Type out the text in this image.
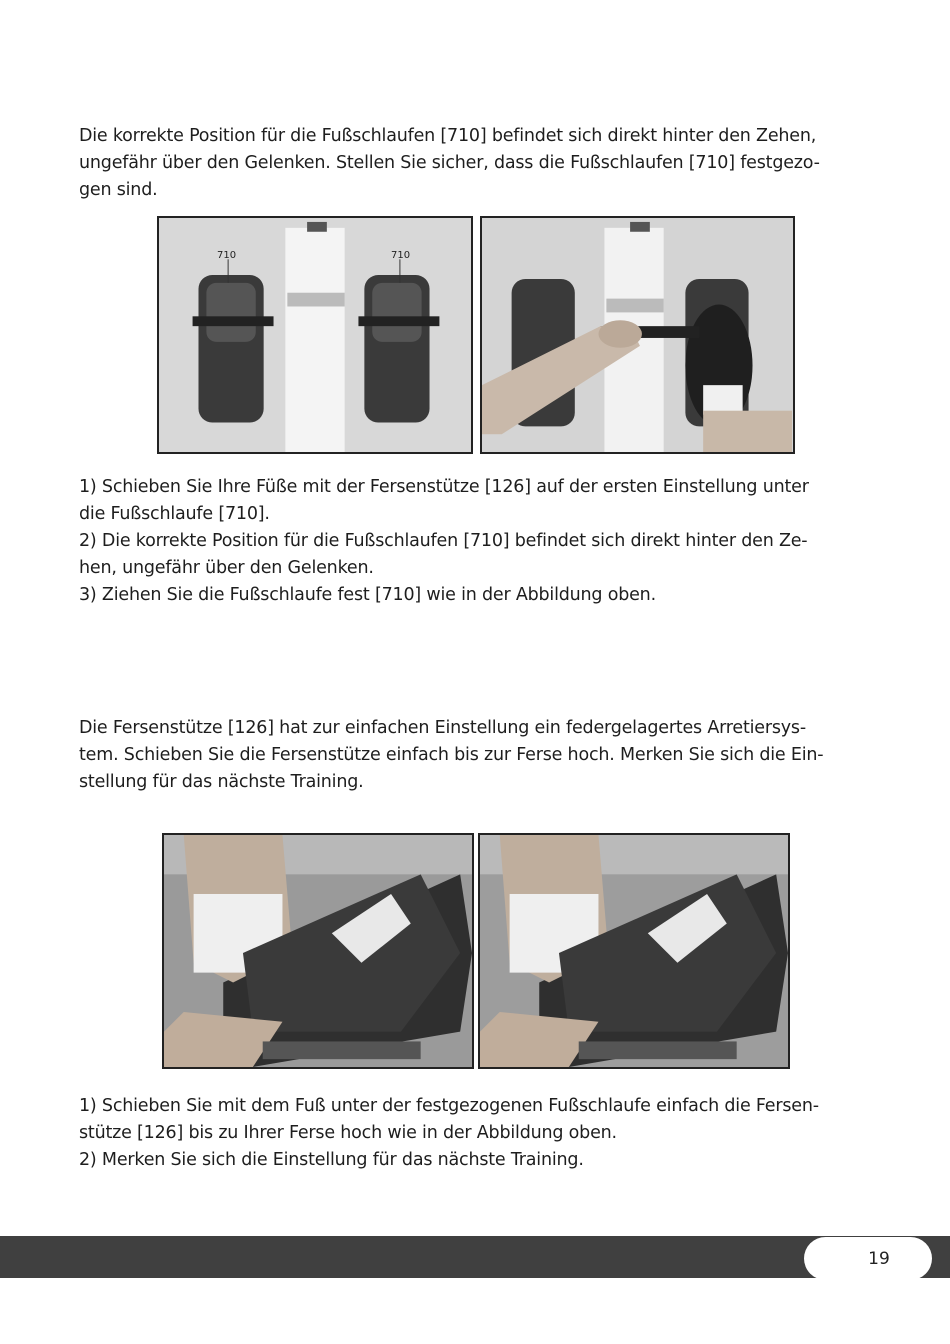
Die korrekte Position für die Fußschlaufen [710] befindet sich direkt hinter den Zehen,
ungefähr über den Gelenken. Stellen Sie sicher, dass die Fußschlaufen [710] festgezo-
gen sind.

710	710

1) Schieben Sie Ihre Füße mit der Fersenstütze [126] auf der ersten Einstellung unter
die Fußschlaufe [710].
2) Die korrekte Position für die Fußschlaufen [710] befindet sich direkt hinter den Ze-
hen, ungefähr über den Gelenken.
3) Ziehen Sie die Fußschlaufe fest [710] wie in der Abbildung oben.

Die Fersenstütze [126] hat zur einfachen Einstellung ein federgelagertes Arretiersys-
tem. Schieben Sie die Fersenstütze einfach bis zur Ferse hoch. Merken Sie sich die Ein-
stellung für das nächste Training.

1) Schieben Sie mit dem Fuß unter der festgezogenen Fußschlaufe einfach die Fersen-
stütze [126] bis zu Ihrer Ferse hoch wie in der Abbildung oben.
2) Merken Sie sich die Einstellung für das nächste Training.

19
